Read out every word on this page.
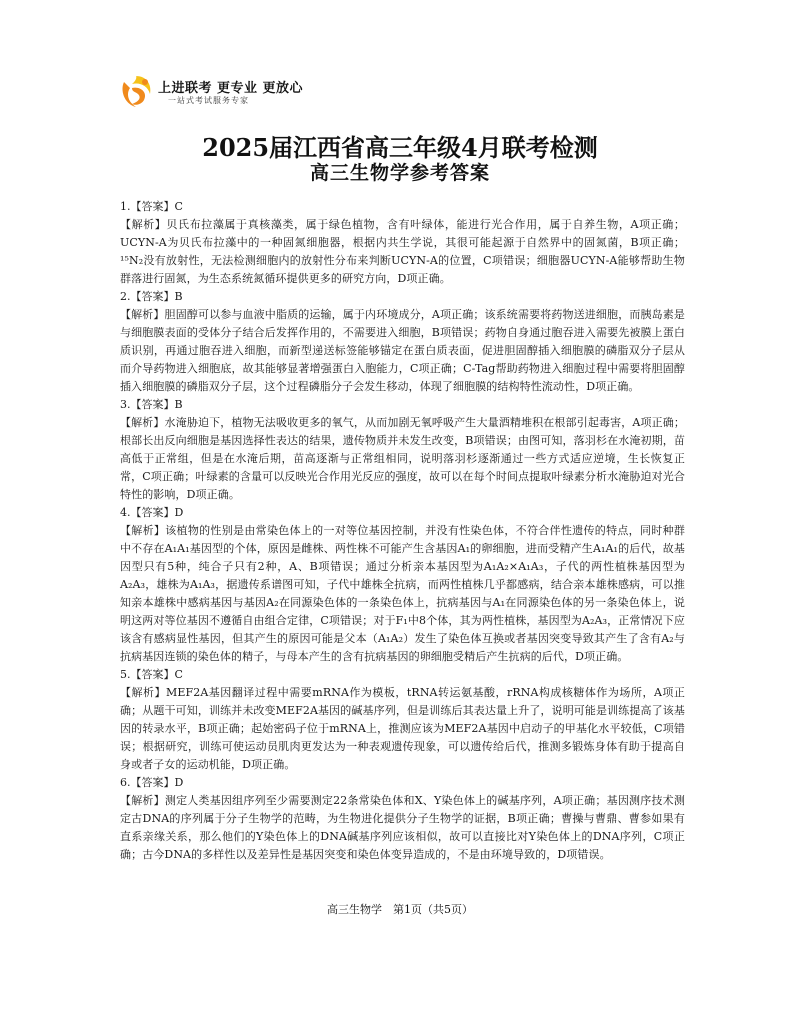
上进联考 更专业 更放心
一站式考试服务专家
2025届江西省高三年级4月联考检测
高三生物学参考答案

1.【答案】C

【解析】贝氏布拉藻属于真核藻类，属于绿色植物，含有叶绿体，能进行光合作用，属于自养生物，A项正确；UCYN-A为贝氏布拉藻中的一种固氮细胞器，根据内共生学说，其很可能起源于自然界中的固氮菌，B项正确；¹⁵N₂没有放射性，无法检测细胞内的放射性分布来判断UCYN-A的位置，C项错误；细胞器UCYN-A能够帮助生物群落进行固氮，为生态系统氮循环提供更多的研究方向，D项正确。

2.【答案】B

【解析】胆固醇可以参与血液中脂质的运输，属于内环境成分，A项正确；该系统需要将药物送进细胞，而胰岛素是与细胞膜表面的受体分子结合后发挥作用的，不需要进入细胞，B项错误；药物自身通过胞吞进入需要先被膜上蛋白质识别，再通过胞吞进入细胞，而新型递送标签能够锚定在蛋白质表面，促进胆固醇插入细胞膜的磷脂双分子层从而介导药物进入细胞底，故其能够显著增强蛋白入胞能力，C项正确；C-Tag帮助药物进入细胞过程中需要将胆固醇插入细胞膜的磷脂双分子层，这个过程磷脂分子会发生移动，体现了细胞膜的结构特性流动性，D项正确。

3.【答案】B

【解析】水淹胁迫下，植物无法吸收更多的氧气，从而加剧无氧呼吸产生大量酒精堆积在根部引起毒害，A项正确；根部长出反向细胞是基因选择性表达的结果，遗传物质并未发生改变，B项错误；由图可知，落羽杉在水淹初期，苗高低于正常组，但是在水淹后期，苗高逐渐与正常组相同，说明落羽杉逐渐通过一些方式适应逆境，生长恢复正常，C项正确；叶绿素的含量可以反映光合作用光反应的强度，故可以在每个时间点提取叶绿素分析水淹胁迫对光合特性的影响，D项正确。

4.【答案】D

【解析】该植物的性别是由常染色体上的一对等位基因控制，并没有性染色体，不符合伴性遗传的特点，同时种群中不存在A₁A₁基因型的个体，原因是雌株、两性株不可能产生含基因A₁的卵细胞，进而受精产生A₁A₁的后代，故基因型只有5种，纯合子只有2种，A、B项错误；通过分析亲本基因型为A₁A₂×A₁A₃，子代的两性植株基因型为A₂A₃，雄株为A₁A₃，据遗传系谱图可知，子代中雄株全抗病，而两性植株几乎都感病，结合亲本雄株感病，可以推知亲本雄株中感病基因与基因A₂在同源染色体的一条染色体上，抗病基因与A₁在同源染色体的另一条染色体上，说明这两对等位基因不遵循自由组合定律，C项错误；对于F₁中8个体，其为两性植株，基因型为A₂A₃，正常情况下应该含有感病显性基因，但其产生的原因可能是父本（A₁A₂）发生了染色体互换或者基因突变导致其产生了含有A₂与抗病基因连锁的染色体的精子，与母本产生的含有抗病基因的卵细胞受精后产生抗病的后代，D项正确。

5.【答案】C

【解析】MEF2A基因翻译过程中需要mRNA作为模板，tRNA转运氨基酸，rRNA构成核糖体作为场所，A项正确；从题干可知，训练并未改变MEF2A基因的碱基序列，但是训练后其表达量上升了，说明可能是训练提高了该基因的转录水平，B项正确；起始密码子位于mRNA上，推测应该为MEF2A基因中启动子的甲基化水平较低，C项错误；根据研究，训练可使运动员肌肉更发达为一种表观遗传现象，可以遗传给后代，推测多锻炼身体有助于提高自身或者子女的运动机能，D项正确。

6.【答案】D

【解析】测定人类基因组序列至少需要测定22条常染色体和X、Y染色体上的碱基序列，A项正确；基因测序技术测定古DNA的序列属于分子生物学的范畴，为生物进化提供分子生物学的证据，B项正确；曹操与曹鼎、曹参如果有直系亲缘关系，那么他们的Y染色体上的DNA碱基序列应该相似，故可以直接比对Y染色体上的DNA序列，C项正确；古今DNA的多样性以及差异性是基因突变和染色体变异造成的，不是由环境导致的，D项错误。

高三生物学　第1页（共5页）
